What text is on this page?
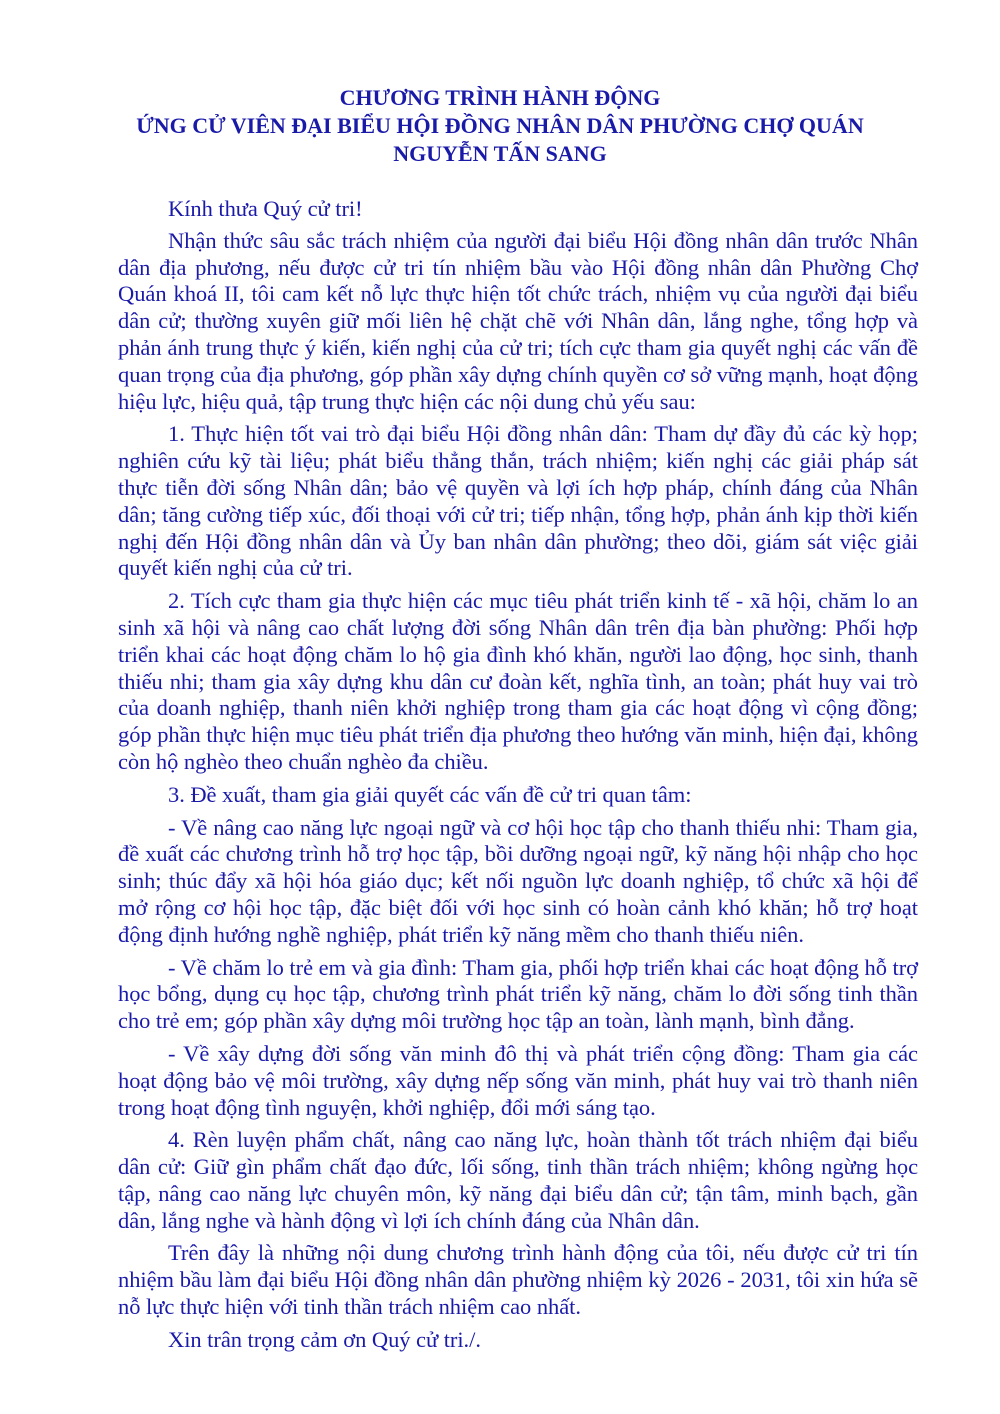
CHƯƠNG TRÌNH HÀNH ĐỘNG
ỨNG CỬ VIÊN ĐẠI BIỂU HỘI ĐỒNG NHÂN DÂN PHƯỜNG CHỢ QUÁN
NGUYỄN TẤN SANG

Kính thưa Quý cử tri!

Nhận thức sâu sắc trách nhiệm của người đại biểu Hội đồng nhân dân trước Nhân dân địa phương, nếu được cử tri tín nhiệm bầu vào Hội đồng nhân dân Phường Chợ Quán khoá II, tôi cam kết nỗ lực thực hiện tốt chức trách, nhiệm vụ của người đại biểu dân cử; thường xuyên giữ mối liên hệ chặt chẽ với Nhân dân, lắng nghe, tổng hợp và phản ánh trung thực ý kiến, kiến nghị của cử tri; tích cực tham gia quyết nghị các vấn đề quan trọng của địa phương, góp phần xây dựng chính quyền cơ sở vững mạnh, hoạt động hiệu lực, hiệu quả, tập trung thực hiện các nội dung chủ yếu sau:

1. Thực hiện tốt vai trò đại biểu Hội đồng nhân dân: Tham dự đầy đủ các kỳ họp; nghiên cứu kỹ tài liệu; phát biểu thẳng thắn, trách nhiệm; kiến nghị các giải pháp sát thực tiễn đời sống Nhân dân; bảo vệ quyền và lợi ích hợp pháp, chính đáng của Nhân dân; tăng cường tiếp xúc, đối thoại với cử tri; tiếp nhận, tổng hợp, phản ánh kịp thời kiến nghị đến Hội đồng nhân dân và Ủy ban nhân dân phường; theo dõi, giám sát việc giải quyết kiến nghị của cử tri.

2. Tích cực tham gia thực hiện các mục tiêu phát triển kinh tế - xã hội, chăm lo an sinh xã hội và nâng cao chất lượng đời sống Nhân dân trên địa bàn phường: Phối hợp triển khai các hoạt động chăm lo hộ gia đình khó khăn, người lao động, học sinh, thanh thiếu nhi; tham gia xây dựng khu dân cư đoàn kết, nghĩa tình, an toàn; phát huy vai trò của doanh nghiệp, thanh niên khởi nghiệp trong tham gia các hoạt động vì cộng đồng; góp phần thực hiện mục tiêu phát triển địa phương theo hướng văn minh, hiện đại, không còn hộ nghèo theo chuẩn nghèo đa chiều.

3. Đề xuất, tham gia giải quyết các vấn đề cử tri quan tâm:

- Về nâng cao năng lực ngoại ngữ và cơ hội học tập cho thanh thiếu nhi: Tham gia, đề xuất các chương trình hỗ trợ học tập, bồi dưỡng ngoại ngữ, kỹ năng hội nhập cho học sinh; thúc đẩy xã hội hóa giáo dục; kết nối nguồn lực doanh nghiệp, tổ chức xã hội để mở rộng cơ hội học tập, đặc biệt đối với học sinh có hoàn cảnh khó khăn; hỗ trợ hoạt động định hướng nghề nghiệp, phát triển kỹ năng mềm cho thanh thiếu niên.

- Về chăm lo trẻ em và gia đình: Tham gia, phối hợp triển khai các hoạt động hỗ trợ học bổng, dụng cụ học tập, chương trình phát triển kỹ năng, chăm lo đời sống tinh thần cho trẻ em; góp phần xây dựng môi trường học tập an toàn, lành mạnh, bình đẳng.

- Về xây dựng đời sống văn minh đô thị và phát triển cộng đồng: Tham gia các hoạt động bảo vệ môi trường, xây dựng nếp sống văn minh, phát huy vai trò thanh niên trong hoạt động tình nguyện, khởi nghiệp, đổi mới sáng tạo.

4. Rèn luyện phẩm chất, nâng cao năng lực, hoàn thành tốt trách nhiệm đại biểu dân cử: Giữ gìn phẩm chất đạo đức, lối sống, tinh thần trách nhiệm; không ngừng học tập, nâng cao năng lực chuyên môn, kỹ năng đại biểu dân cử; tận tâm, minh bạch, gần dân, lắng nghe và hành động vì lợi ích chính đáng của Nhân dân.

Trên đây là những nội dung chương trình hành động của tôi, nếu được cử tri tín nhiệm bầu làm đại biểu Hội đồng nhân dân phường nhiệm kỳ 2026 - 2031, tôi xin hứa sẽ nỗ lực thực hiện với tinh thần trách nhiệm cao nhất.

Xin trân trọng cảm ơn Quý cử tri./.
